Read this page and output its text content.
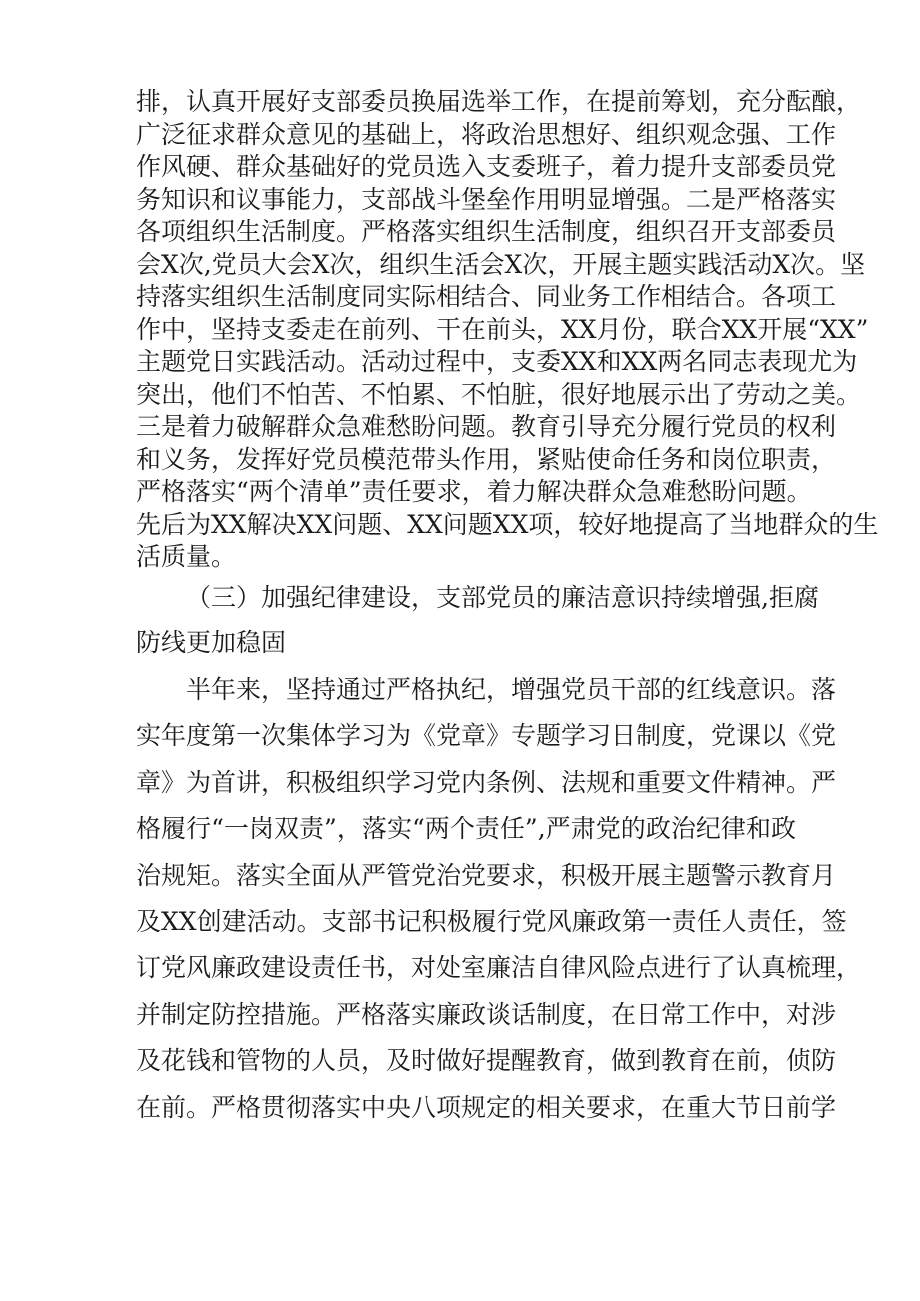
排，认真开展好支部委员换届选举工作，在提前筹划，充分酝酿，
广泛征求群众意见的基础上，将政治思想好、组织观念强、工作
作风硬、群众基础好的党员选入支委班子，着力提升支部委员党
务知识和议事能力，支部战斗堡垒作用明显增强。二是严格落实
各项组织生活制度。严格落实组织生活制度，组织召开支部委员
会X次,党员大会X次，组织生活会X次，开展主题实践活动X次。坚
持落实组织生活制度同实际相结合、同业务工作相结合。各项工
作中，坚持支委走在前列、干在前头，XX月份，联合XX开展“XX”
主题党日实践活动。活动过程中，支委XX和XX两名同志表现尤为
突出，他们不怕苦、不怕累、不怕脏，很好地展示出了劳动之美。
三是着力破解群众急难愁盼问题。教育引导充分履行党员的权利
和义务，发挥好党员模范带头作用，紧贴使命任务和岗位职责，
严格落实“两个清单”责任要求，着力解决群众急难愁盼问题。
先后为XX解决XX问题、XX问题XX项，较好地提高了当地群众的生
活质量。
（三）加强纪律建设，支部党员的廉洁意识持续增强,拒腐
防线更加稳固
半年来，坚持通过严格执纪，增强党员干部的红线意识。落
实年度第一次集体学习为《党章》专题学习日制度，党课以《党
章》为首讲，积极组织学习党内条例、法规和重要文件精神。严
格履行“一岗双责”，落实“两个责任”,严肃党的政治纪律和政
治规矩。落实全面从严管党治党要求，积极开展主题警示教育月
及XX创建活动。支部书记积极履行党风廉政第一责任人责任，签
订党风廉政建设责任书，对处室廉洁自律风险点进行了认真梳理，
并制定防控措施。严格落实廉政谈话制度，在日常工作中，对涉
及花钱和管物的人员，及时做好提醒教育，做到教育在前，侦防
在前。严格贯彻落实中央八项规定的相关要求，在重大节日前学
